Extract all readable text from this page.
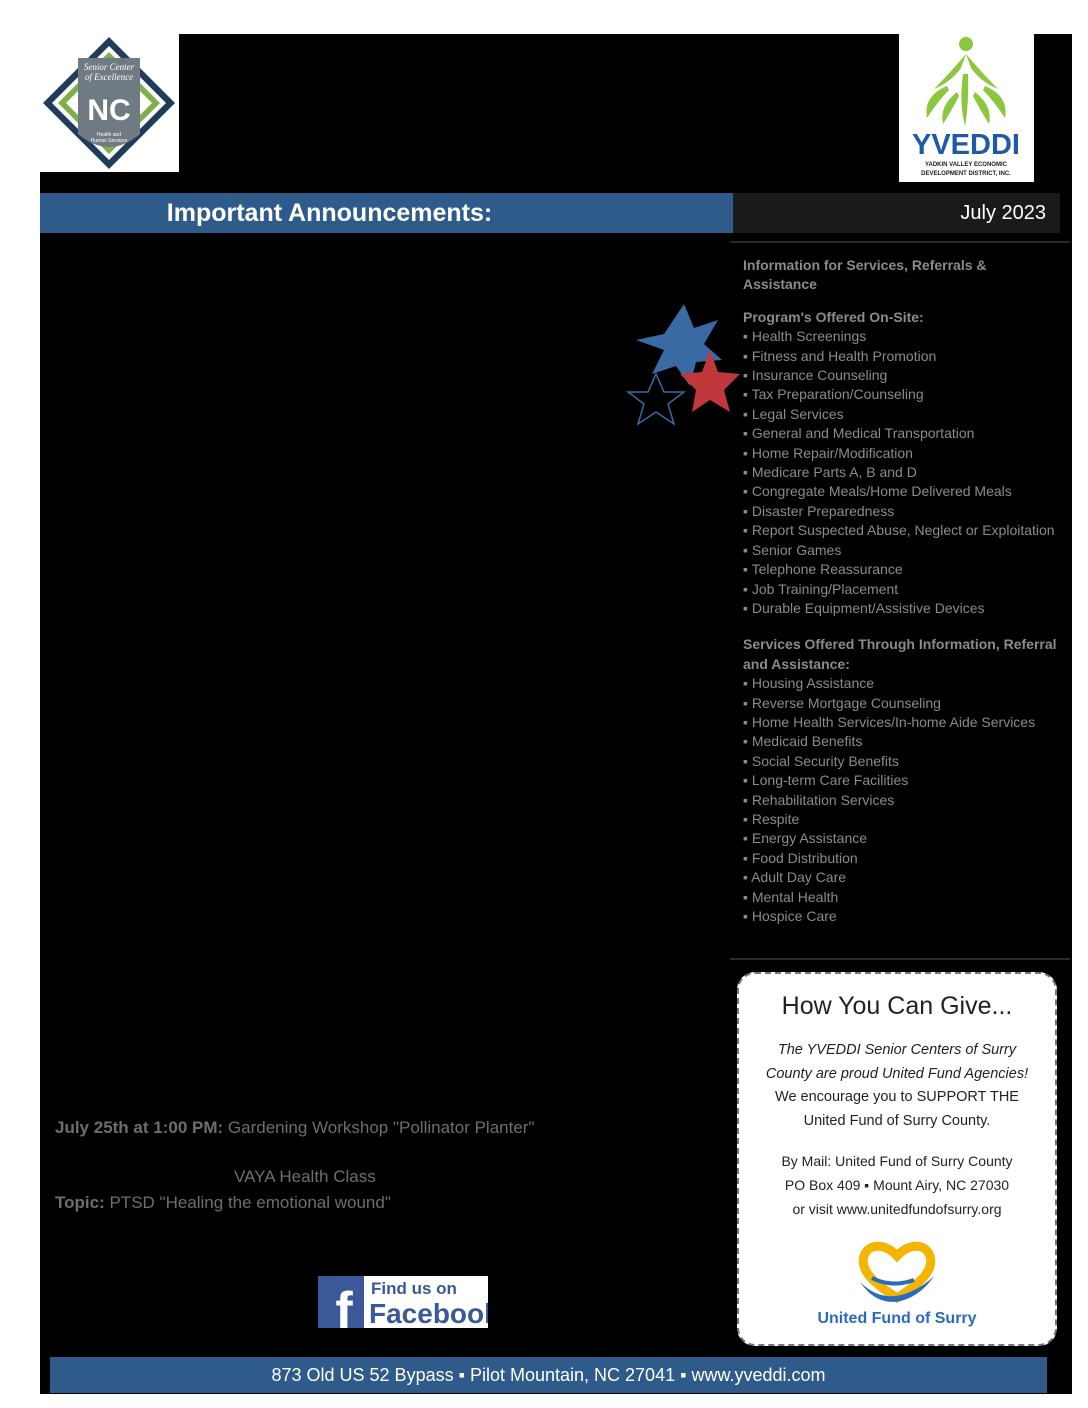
Senior Center
of Excellence
NC
Health and
Human Services	YVEDDI
YADKIN VALLEY ECONOMIC
DEVELOPMENT DISTRICT, INC.
Important Announcements:	July 2023
Information for Services, Referrals & Assistance
Program's Offered On-Site:
▪ Health Screenings
▪ Fitness and Health Promotion
▪ Insurance Counseling
▪ Tax Preparation/Counseling
▪ Legal Services
▪ General and Medical Transportation
▪ Home Repair/Modification
▪ Medicare Parts A, B and D
▪ Congregate Meals/Home Delivered Meals
▪ Disaster Preparedness
▪ Report Suspected Abuse, Neglect or Exploitation
▪ Senior Games
▪ Telephone Reassurance
▪ Job Training/Placement
▪ Durable Equipment/Assistive Devices
Services Offered Through Information, Referral and Assistance:
▪ Housing Assistance
▪ Reverse Mortgage Counseling
▪ Home Health Services/In-home Aide Services
▪ Medicaid Benefits
▪ Social Security Benefits
▪ Long-term Care Facilities
▪ Rehabilitation Services
▪ Respite
▪ Energy Assistance
▪ Food Distribution
▪ Adult Day Care
▪ Mental Health
▪ Hospice Care
How You Can Give...
The YVEDDI Senior Centers of Surry
County are proud United Fund Agencies!
We encourage you to SUPPORT THE
United Fund of Surry County.
By Mail: United Fund of Surry County
PO Box 409 ▪ Mount Airy, NC 27030
or visit www.unitedfundofsurry.org
United Fund of Surry
July 25th at 1:00 PM: Gardening Workshop "Pollinator Planter"
VAYA Health Class
Topic: PTSD "Healing the emotional wound"
f Find us on
Facebook
873 Old US 52 Bypass ▪ Pilot Mountain, NC 27041 ▪ www.yveddi.com
